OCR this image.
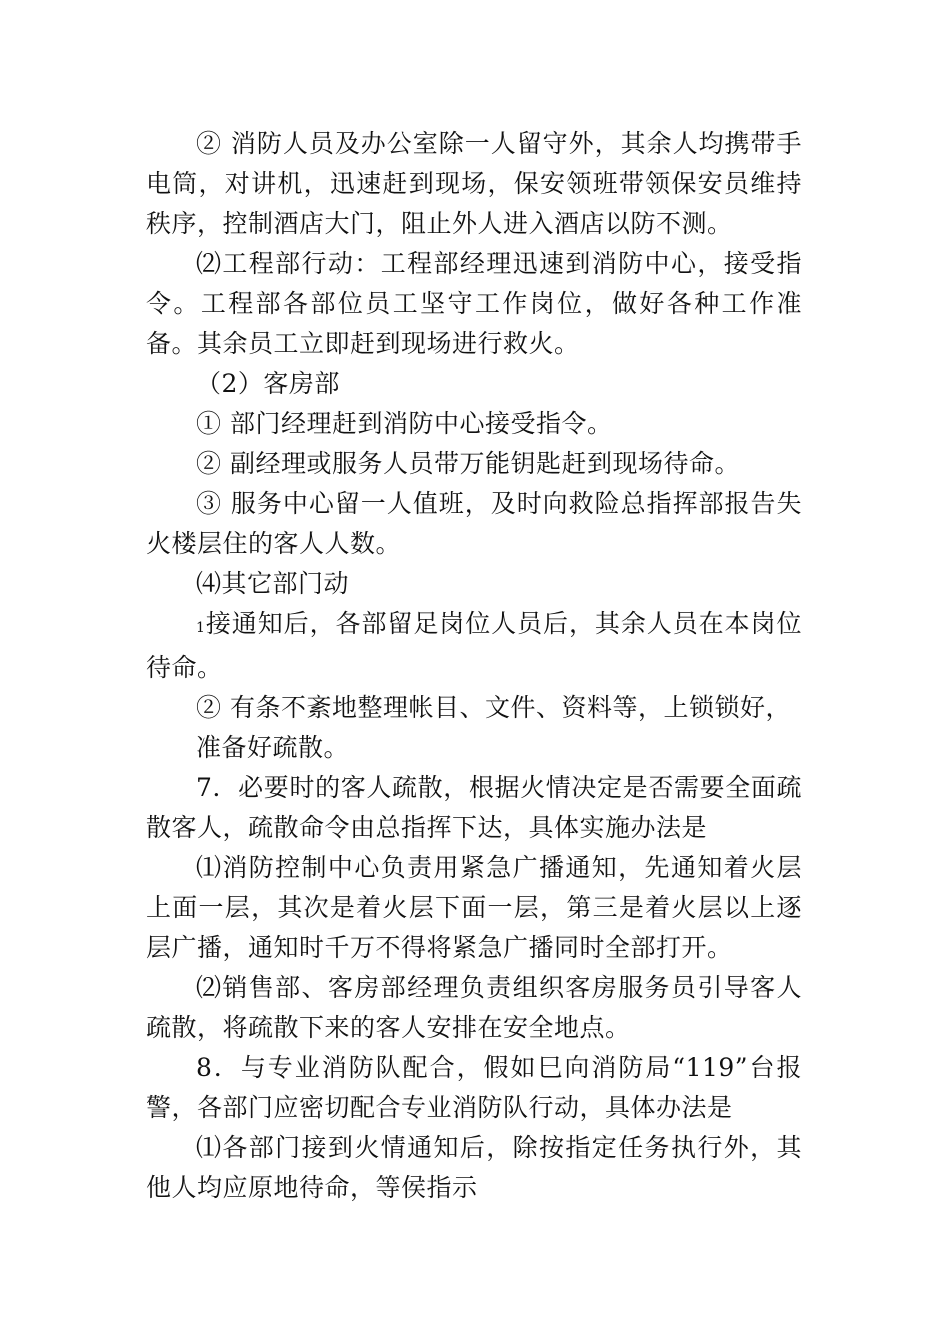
② 消防人员及办公室除一人留守外，其余人均携带手电筒，对讲机，迅速赶到现场，保安领班带领保安员维持秩序，控制酒店大门，阻止外人进入酒店以防不测。

⑵工程部行动：工程部经理迅速到消防中心，接受指令。工程部各部位员工坚守工作岗位，做好各种工作准备。其余员工立即赶到现场进行救火。

（2）客房部

① 部门经理赶到消防中心接受指令。

② 副经理或服务人员带万能钥匙赶到现场待命。

③ 服务中心留一人值班，及时向救险总指挥部报告失火楼层住的客人人数。

⑷其它部门动

1接通知后，各部留足岗位人员后，其余人员在本岗位待命。

② 有条不紊地整理帐目、文件、资料等，上锁锁好，

准备好疏散。

7．必要时的客人疏散，根据火情决定是否需要全面疏散客人，疏散命令由总指挥下达，具体实施办法是

⑴消防控制中心负责用紧急广播通知，先通知着火层上面一层，其次是着火层下面一层，第三是着火层以上逐层广播，通知时千万不得将紧急广播同时全部打开。

⑵销售部、客房部经理负责组织客房服务员引导客人疏散，将疏散下来的客人安排在安全地点。

8．与专业消防队配合，假如巳向消防局“119”台报警，各部门应密切配合专业消防队行动，具体办法是

⑴各部门接到火情通知后，除按指定任务执行外，其他人均应原地待命，等侯指示
